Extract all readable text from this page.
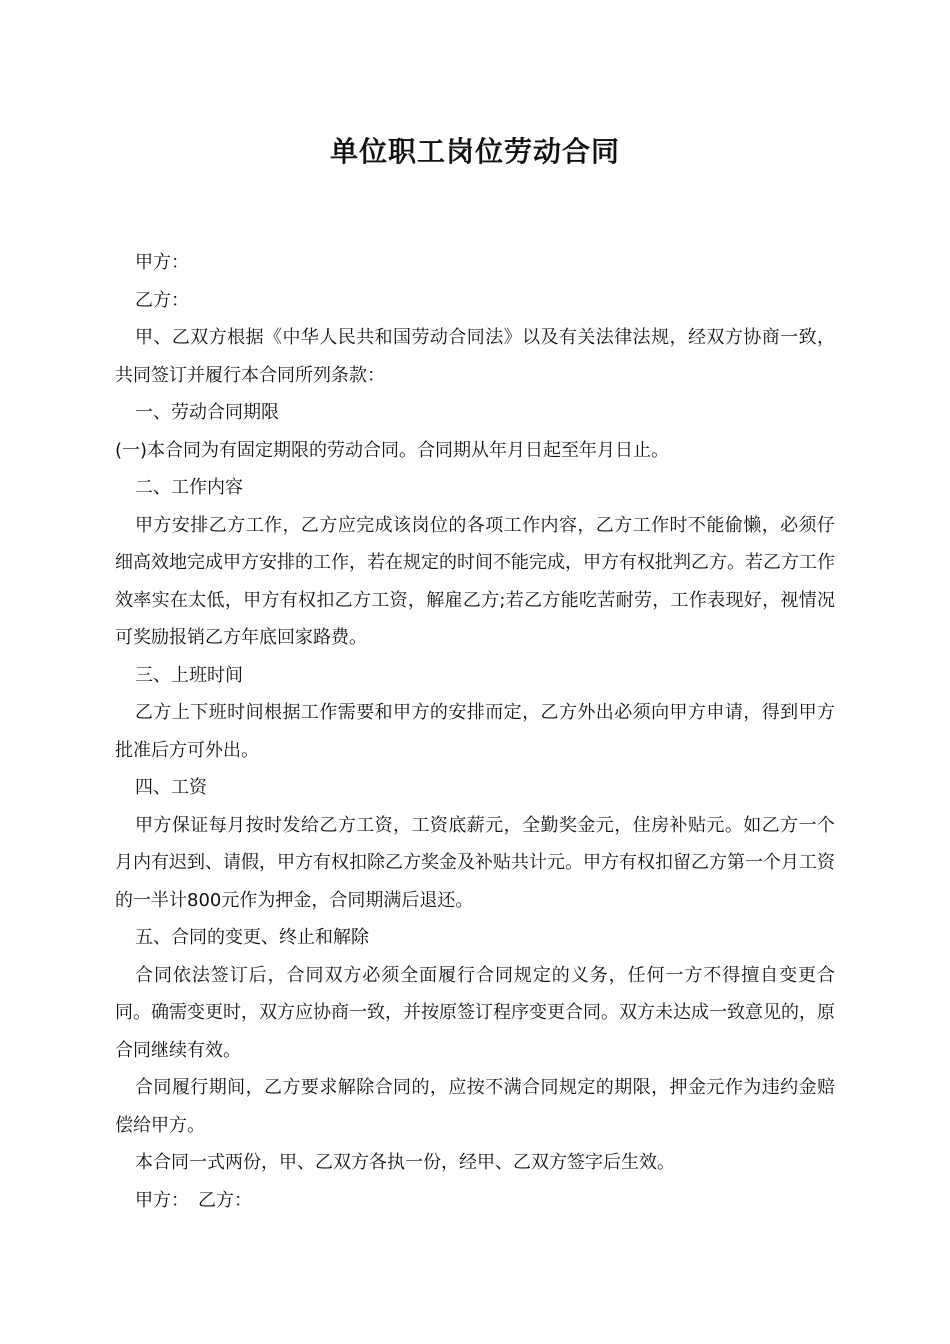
单位职工岗位劳动合同

甲方：

乙方：

甲、乙双方根据《中华人民共和国劳动合同法》以及有关法律法规，经双方协商一致，共同签订并履行本合同所列条款：

一、劳动合同期限

(一)本合同为有固定期限的劳动合同。合同期从年月日起至年月日止。

二、工作内容

甲方安排乙方工作，乙方应完成该岗位的各项工作内容，乙方工作时不能偷懒，必须仔细高效地完成甲方安排的工作，若在规定的时间不能完成，甲方有权批判乙方。若乙方工作效率实在太低，甲方有权扣乙方工资，解雇乙方;若乙方能吃苦耐劳，工作表现好，视情况可奖励报销乙方年底回家路费。

三、上班时间

乙方上下班时间根据工作需要和甲方的安排而定，乙方外出必须向甲方申请，得到甲方批准后方可外出。

四、工资

甲方保证每月按时发给乙方工资，工资底薪元，全勤奖金元，住房补贴元。如乙方一个月内有迟到、请假，甲方有权扣除乙方奖金及补贴共计元。甲方有权扣留乙方第一个月工资的一半计800元作为押金，合同期满后退还。

五、合同的变更、终止和解除

合同依法签订后，合同双方必须全面履行合同规定的义务，任何一方不得擅自变更合同。确需变更时，双方应协商一致，并按原签订程序变更合同。双方未达成一致意见的，原合同继续有效。

合同履行期间，乙方要求解除合同的，应按不满合同规定的期限，押金元作为违约金赔偿给甲方。

本合同一式两份，甲、乙双方各执一份，经甲、乙双方签字后生效。

甲方：　乙方：
